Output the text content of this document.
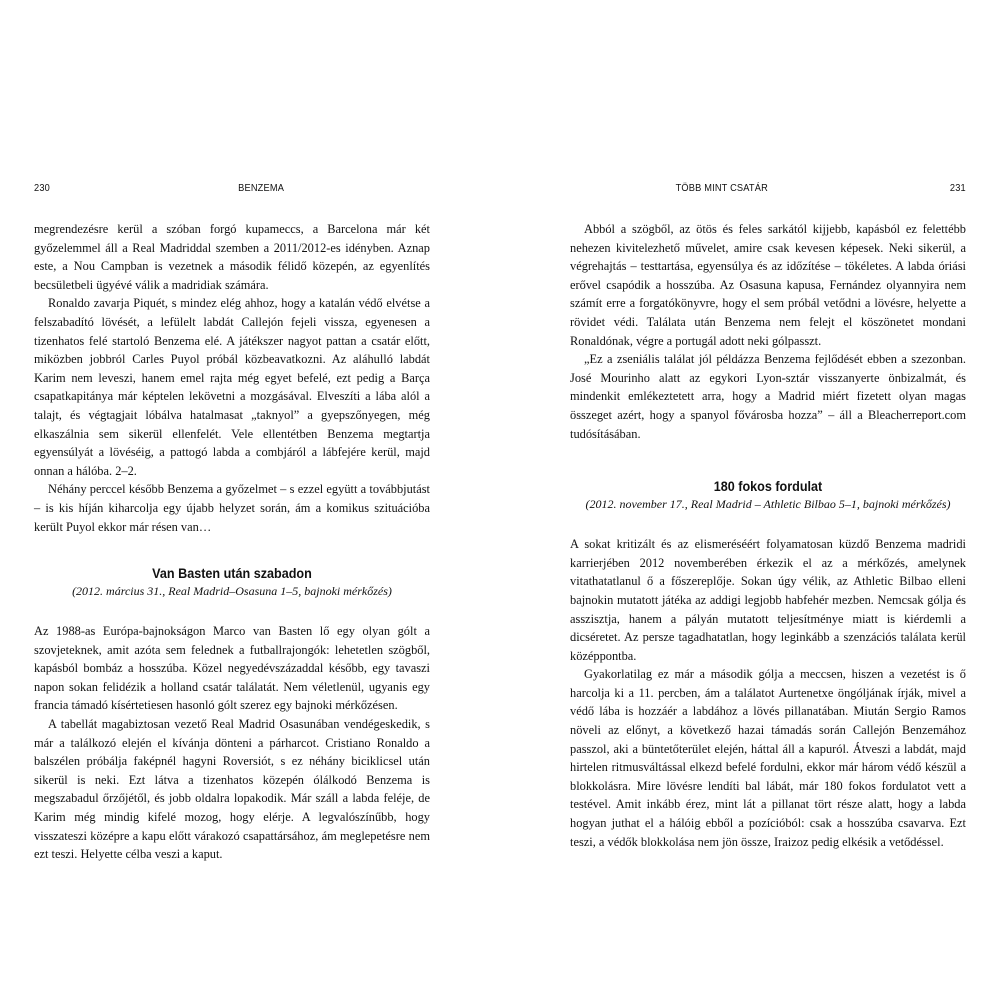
230	BENZEMA

megrendezésre kerül a szóban forgó kupameccs, a Barcelona már két győzelemmel áll a Real Madriddal szemben a 2011/2012-es idényben. Aznap este, a Nou Campban is vezetnek a második félidő közepén, az egyenlítés becsületbeli ügyévé válik a madridiak számára.

Ronaldo zavarja Piquét, s mindez elég ahhoz, hogy a katalán védő elvétse a felszabadító lövését, a lefülelt labdát Callejón fejeli vissza, egyenesen a tizenhatos felé startoló Benzema elé. A játékszer nagyot pattan a csatár előtt, miközben jobbról Carles Puyol próbál közbeavatkozni. Az aláhulló labdát Karim nem leveszi, hanem emel rajta még egyet befelé, ezt pedig a Barça csapatkapitánya már képtelen lekövetni a mozgásával. Elveszíti a lába alól a talajt, és végtagjait lóbálva hatalmasat „taknyol” a gyepszőnyegen, még elkaszálnia sem sikerül ellenfelét. Vele ellentétben Benzema megtartja egyensúlyát a lövéséig, a pattogó labda a combjáról a lábfejére kerül, majd onnan a hálóba. 2–2.

Néhány perccel később Benzema a győzelmet – s ezzel együtt a továbbjutást – is kis híján kiharcolja egy újabb helyzet során, ám a komikus szituációba került Puyol ekkor már résen van…

Van Basten után szabadon
(2012. március 31., Real Madrid–Osasuna 1–5, bajnoki mérkőzés)

Az 1988-as Európa-bajnokságon Marco van Basten lő egy olyan gólt a szovjeteknek, amit azóta sem felednek a futballrajongók: lehetetlen szögből, kapásból bombáz a hosszúba. Közel negyedévszázaddal később, egy tavaszi napon sokan felidézik a holland csatár találatát. Nem véletlenül, ugyanis egy francia támadó kísértetiesen hasonló gólt szerez egy bajnoki mérkőzésen.

A tabellát magabiztosan vezető Real Madrid Osasunában vendégeskedik, s már a találkozó elején el kívánja dönteni a párharcot. Cristiano Ronaldo a balszélen próbálja faképnél hagyni Roversiót, s ez néhány biciklicsel után sikerül is neki. Ezt látva a tizenhatos közepén ólálkodó Benzema is megszabadul őrzőjétől, és jobb oldalra lopakodik. Már száll a labda feléje, de Karim még mindig kifelé mozog, hogy elérje. A legvalószínűbb, hogy visszateszi középre a kapu előtt várakozó csapattársához, ám meglepetésre nem ezt teszi. Helyette célba veszi a kaput.

TÖBB MINT CSATÁR	231

Abból a szögből, az ötös és feles sarkától kijjebb, kapásból ez felettébb nehezen kivitelezhető művelet, amire csak kevesen képesek. Neki sikerül, a végrehajtás – testtartása, egyensúlya és az időzítése – tökéletes. A labda óriási erővel csapódik a hosszúba. Az Osasuna kapusa, Fernández olyannyira nem számít erre a forgatókönyvre, hogy el sem próbál vetődni a lövésre, helyette a rövidet védi. Találata után Benzema nem felejt el köszönetet mondani Ronaldónak, végre a portugál adott neki gólpasszt.

„Ez a zseniális találat jól példázza Benzema fejlődését ebben a szezonban. José Mourinho alatt az egykori Lyon-sztár visszanyerte önbizalmát, és mindenkit emlékeztetett arra, hogy a Madrid miért fizetett olyan magas összeget azért, hogy a spanyol fővárosba hozza” – áll a Bleacherreport.com tudósításában.

180 fokos fordulat
(2012. november 17., Real Madrid – Athletic Bilbao 5–1, bajnoki mérkőzés)

A sokat kritizált és az elismeréséért folyamatosan küzdő Benzema madridi karrierjében 2012 novemberében érkezik el az a mérkőzés, amelynek vitathatatlanul ő a főszereplője. Sokan úgy vélik, az Athletic Bilbao elleni bajnokin mutatott játéka az addigi legjobb habfehér mezben. Nemcsak gólja és asszisztja, hanem a pályán mutatott teljesítménye miatt is kiérdemli a dicséretet. Az persze tagadhatatlan, hogy leginkább a szenzációs találata kerül középpontba.

Gyakorlatilag ez már a második gólja a meccsen, hiszen a vezetést is ő harcolja ki a 11. percben, ám a találatot Aurtenetxe öngóljának írják, mivel a védő lába is hozzáér a labdához a lövés pillanatában. Miután Sergio Ramos növeli az előnyt, a következő hazai támadás során Callejón Benzemához passzol, aki a büntetőterület elején, háttal áll a kapuról. Átveszi a labdát, majd hirtelen ritmusváltással elkezd befelé fordulni, ekkor már három védő készül a blokkolásra. Mire lövésre lendíti bal lábát, már 180 fokos fordulatot vett a testével. Amit inkább érez, mint lát a pillanat tört része alatt, hogy a labda hogyan juthat el a hálóig ebből a pozícióból: csak a hosszúba csavarva. Ezt teszi, a védők blokkolása nem jön össze, Iraizoz pedig elkésik a vetődéssel.
